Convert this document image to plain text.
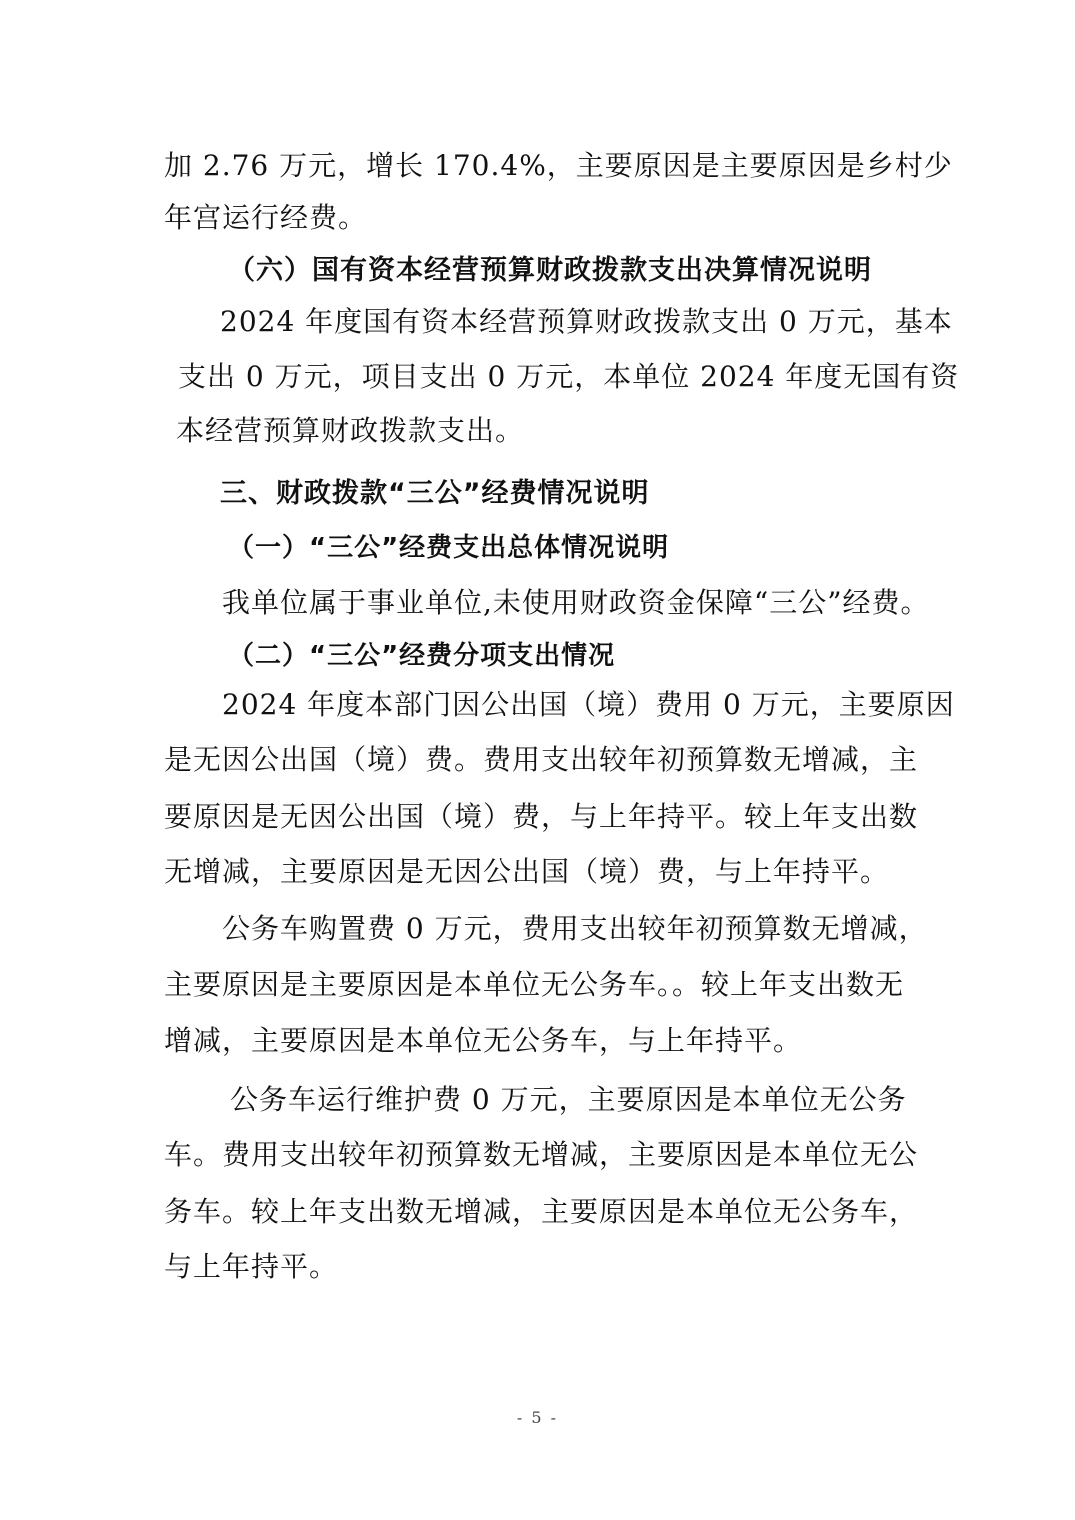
加 2.76 万元，增长 170.4%，主要原因是主要原因是乡村少
年宫运行经费。
（六）国有资本经营预算财政拨款支出决算情况说明
2024 年度国有资本经营预算财政拨款支出 0 万元，基本
支出 0 万元，项目支出 0 万元，本单位 2024 年度无国有资
本经营预算财政拨款支出。
三、财政拨款“三公”经费情况说明
（一）“三公”经费支出总体情况说明
我单位属于事业单位,未使用财政资金保障“三公”经费。
（二）“三公”经费分项支出情况
2024 年度本部门因公出国（境）费用 0 万元，主要原因
是无因公出国（境）费。费用支出较年初预算数无增减，主
要原因是无因公出国（境）费，与上年持平。较上年支出数
无增减，主要原因是无因公出国（境）费，与上年持平。
公务车购置费 0 万元，费用支出较年初预算数无增减，
主要原因是主要原因是本单位无公务车。。较上年支出数无
增减，主要原因是本单位无公务车，与上年持平。
公务车运行维护费 0 万元，主要原因是本单位无公务
车。费用支出较年初预算数无增减，主要原因是本单位无公
务车。较上年支出数无增减，主要原因是本单位无公务车，
与上年持平。
- 5 -
